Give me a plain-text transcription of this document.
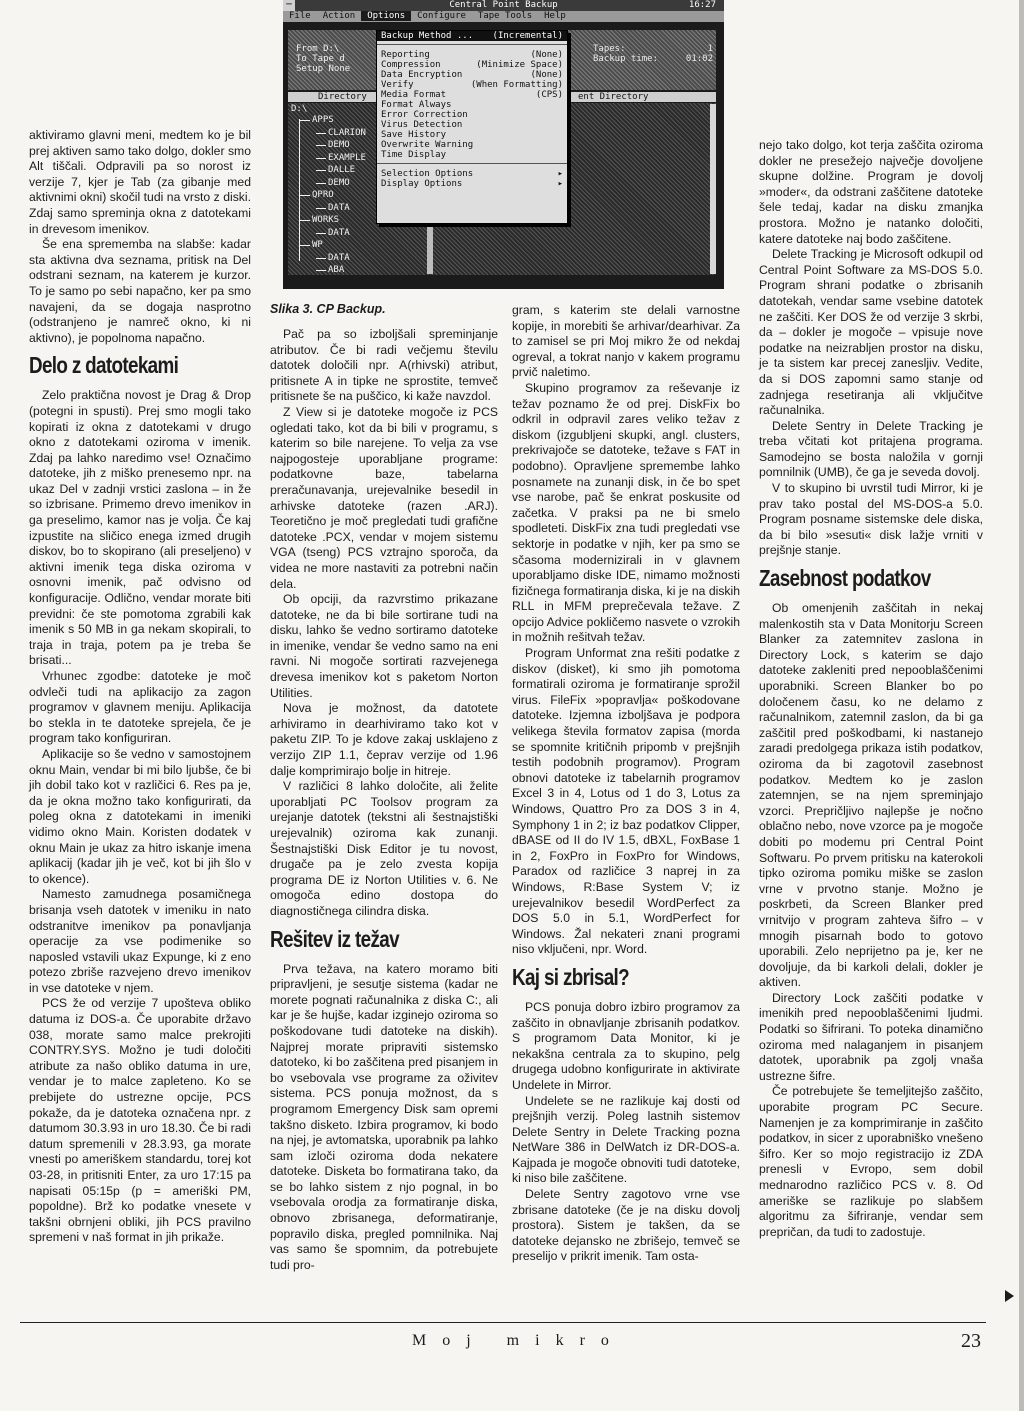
─	Central Point Backup	16:27
File Action Options Configure Tape Tools Help
From D:\
To Tape d
Setup None
Tapes:	1
Backup time:	01:02
Directory	ent Directory
D:\
APPS
CLARION
DEMO
EXAMPLE
DALLE
DEMO
QPRO
DATA
WORKS
DATA
WP
DATA
ABA
Backup Method ... (Incremental)
Reporting	(None)
Compression	(Minimize Space)
Data Encryption	(None)
Verify	(When Formatting)
Media Format	(CPS)
Format Always
Error Correction
Virus Detection
Save History
Overwrite Warning
Time Display
Selection Options	▸
Display Options	▸
Slika 3. CP Backup.

aktiviramo glavni meni, medtem ko je bil prej aktiven samo tako dolgo, dokler smo Alt tiščali. Odpravili pa so norost iz verzije 7, kjer je Tab (za gibanje med aktivnimi okni) skočil tudi na vrsto z diski. Zdaj samo spreminja okna z datotekami in drevesom imenikov.

Še ena sprememba na slabše: kadar sta aktivna dva seznama, pritisk na Del odstrani seznam, na katerem je kurzor. To je samo po sebi napačno, ker pa smo navajeni, da se dogaja nasprotno (odstranjeno je namreč okno, ki ni aktivno), je popolnoma napačno.

Delo z datotekami

Zelo praktična novost je Drag & Drop (potegni in spusti). Prej smo mogli tako kopirati iz okna z datotekami v drugo okno z datotekami oziroma v imenik. Zdaj pa lahko naredimo vse! Označimo datoteke, jih z miško prenesemo npr. na ukaz Del v zadnji vrstici zaslona – in že so izbrisane. Primemo drevo imenikov in ga preselimo, kamor nas je volja. Če kaj izpustite na sličico enega izmed drugih diskov, bo to skopirano (ali preseljeno) v aktivni imenik tega diska oziroma v osnovni imenik, pač odvisno od konfiguracije. Odlično, vendar morate biti previdni: če ste pomotoma zgrabili kak imenik s 50 MB in ga nekam skopirali, to traja in traja, potem pa je treba še brisati...

Vrhunec zgodbe: datoteke je moč odvleči tudi na aplikacijo za zagon programov v glavnem meniju. Aplikacija bo stekla in te datoteke sprejela, če je program tako konfiguriran.

Aplikacije so še vedno v samostojnem oknu Main, vendar bi mi bilo ljubše, če bi jih dobil tako kot v različici 6. Res pa je, da je okna možno tako konfigurirati, da poleg okna z datotekami in imeniki vidimo okno Main. Koristen dodatek v oknu Main je ukaz za hitro iskanje imena aplikacij (kadar jih je več, kot bi jih šlo v to okence).

Namesto zamudnega posamičnega brisanja vseh datotek v imeniku in nato odstranitve imenikov pa ponavljanja operacije za vse podimenike so naposled vstavili ukaz Expunge, ki z eno potezo zbriše razvejeno drevo imenikov in vse datoteke v njem.

PCS že od verzije 7 upošteva obliko datuma iz DOS-a. Če uporabite državo 038, morate samo malce prekrojiti CONTRY.SYS. Možno je tudi določiti atribute za našo obliko datuma in ure, vendar je to malce zapleteno. Ko se prebijete do ustrezne opcije, PCS pokaže, da je datoteka označena npr. z datumom 30.3.93 in uro 18.30. Če bi radi datum spremenili v 28.3.93, ga morate vnesti po ameriškem standardu, torej kot 03-28, in pritisniti Enter, za uro 17:15 pa napisati 05:15p (p = ameriški PM, popoldne). Brž ko podatke vnesete v takšni obrnjeni obliki, jih PCS pravilno spremeni v naš format in jih prikaže.

Pač pa so izboljšali spreminjanje atributov. Če bi radi večjemu številu datotek določili npr. A(rhivski) atribut, pritisnete A in tipke ne sprostite, temveč pritisnete še na puščico, ki kaže navzdol.

Z View si je datoteke mogoče iz PCS ogledati tako, kot da bi bili v programu, s katerim so bile narejene. To velja za vse najpogosteje uporabljane programe: podatkovne baze, tabelarna preračunavanja, urejevalnike besedil in arhivske datoteke (razen .ARJ). Teoretično je moč pregledati tudi grafične datoteke .PCX, vendar v mojem sistemu VGA (tseng) PCS vztrajno sporoča, da videa ne more nastaviti za potrebni način dela.

Ob opciji, da razvrstimo prikazane datoteke, ne da bi bile sortirane tudi na disku, lahko še vedno sortiramo datoteke in imenike, vendar še vedno samo na eni ravni. Ni mogoče sortirati razvejenega drevesa imenikov kot s paketom Norton Utilities.

Nova je možnost, da datotete arhiviramo in dearhiviramo tako kot v paketu ZIP. To je kdove zakaj usklajeno z verzijo ZIP 1.1, čeprav verzije od 1.96 dalje komprimirajo bolje in hitreje.

V različici 8 lahko določite, ali želite uporabljati PC Toolsov program za urejanje datotek (tekstni ali šestnajstiški urejevalnik) oziroma kak zunanji. Šestnajstiški Disk Editor je tu novost, drugače pa je zelo zvesta kopija programa DE iz Norton Utilities v. 6. Ne omogoča edino dostopa do diagnostičnega cilindra diska.

Rešitev iz težav

Prva težava, na katero moramo biti pripravljeni, je sesutje sistema (kadar ne morete pognati računalnika z diska C:, ali kar je še hujše, kadar izginejo oziroma so poškodovane tudi datoteke na diskih). Najprej morate pripraviti sistemsko datoteko, ki bo zaščitena pred pisanjem in bo vsebovala vse programe za oživitev sistema. PCS ponuja možnost, da s programom Emergency Disk sam opremi takšno disketo. Izbira programov, ki bodo na njej, je avtomatska, uporabnik pa lahko sam izloči oziroma doda nekatere datoteke. Disketa bo formatirana tako, da se bo lahko sistem z njo pognal, in bo vsebovala orodja za formatiranje diska, obnovo zbrisanega, deformatiranje, popravilo diska, pregled pomnilnika. Naj vas samo še spomnim, da potrebujete tudi pro-

gram, s katerim ste delali varnostne kopije, in morebiti še arhivar/dearhivar. Za to zamisel se pri Moj mikro že od nekdaj ogreval, a tokrat nanjo v kakem programu prvič naletimo.

Skupino programov za reševanje iz težav poznamo že od prej. DiskFix bo odkril in odpravil zares veliko težav z diskom (izgubljeni skupki, angl. clusters, prekrivajoče se datoteke, težave s FAT in podobno). Opravljene spremembe lahko posnamete na zunanji disk, in če bo spet vse narobe, pač še enkrat poskusite od začetka. V praksi pa ne bi smelo spodleteti. DiskFix zna tudi pregledati vse sektorje in podatke v njih, ker pa smo se sčasoma modernizirali in v glavnem uporabljamo diske IDE, nimamo možnosti fizičnega formatiranja diska, ki je na diskih RLL in MFM preprečevala težave. Z opcijo Advice pokličemo nasvete o vzrokih in možnih rešitvah težav.

Program Unformat zna rešiti podatke z diskov (disket), ki smo jih pomotoma formatirali oziroma je formatiranje sprožil virus. FileFix »popravlja« poškodovane datoteke. Izjemna izboljšava je podpora velikega števila formatov zapisa (morda se spomnite kritičnih pripomb v prejšnjih testih podobnih programov). Program obnovi datoteke iz tabelarnih programov Excel 3 in 4, Lotus od 1 do 3, Lotus za Windows, Quattro Pro za DOS 3 in 4, Symphony 1 in 2; iz baz podatkov Clipper, dBASE od II do IV 1.5, dBXL, FoxBase 1 in 2, FoxPro in FoxPro for Windows, Paradox od različice 3 naprej in za Windows, R:Base System V; iz urejevalnikov besedil WordPerfect za DOS 5.0 in 5.1, WordPerfect for Windows. Žal nekateri znani programi niso vključeni, npr. Word.

Kaj si zbrisal?

PCS ponuja dobro izbiro programov za zaščito in obnavljanje zbrisanih podatkov. S programom Data Monitor, ki je nekakšna centrala za to skupino, pelg drugega udobno konfigurirate in aktivirate Undelete in Mirror.

Undelete se ne razlikuje kaj dosti od prejšnjih verzij. Poleg lastnih sistemov Delete Sentry in Delete Tracking pozna NetWare 386 in DelWatch iz DR-DOS-a. Kajpada je mogoče obnoviti tudi datoteke, ki niso bile zaščitene.

Delete Sentry zagotovo vrne vse zbrisane datoteke (če je na disku dovolj prostora). Sistem je takšen, da se datoteke dejansko ne zbrišejo, temveč se preselijo v prikrit imenik. Tam osta-

nejo tako dolgo, kot terja zaščita oziroma dokler ne presežejo največje dovoljene skupne dolžine. Program je dovolj »moder«, da odstrani zaščitene datoteke šele tedaj, kadar na disku zmanjka prostora. Možno je natanko določiti, katere datoteke naj bodo zaščitene.

Delete Tracking je Microsoft odkupil od Central Point Software za MS-DOS 5.0. Program shrani podatke o zbrisanih datotekah, vendar same vsebine datotek ne zaščiti. Ker DOS že od verzije 3 skrbi, da – dokler je mogoče – vpisuje nove podatke na neizrabljen prostor na disku, je ta sistem kar precej zanesljiv. Vedite, da si DOS zapomni samo stanje od zadnjega resetiranja ali vključitve računalnika.

Delete Sentry in Delete Tracking je treba včitati kot pritajena programa. Samodejno se bosta naložila v gornji pomnilnik (UMB), če ga je seveda dovolj.

V to skupino bi uvrstil tudi Mirror, ki je prav tako postal del MS-DOS-a 5.0. Program posname sistemske dele diska, da bi bilo »sesuti« disk lažje vrniti v prejšnje stanje.

Zasebnost podatkov

Ob omenjenih zaščitah in nekaj malenkostih sta v Data Monitorju Screen Blanker za zatemnitev zaslona in Directory Lock, s katerim se dajo datoteke zakleniti pred nepooblaščenimi uporabniki. Screen Blanker bo po določenem času, ko ne delamo z računalnikom, zatemnil zaslon, da bi ga zaščitil pred poškodbami, ki nastanejo zaradi predolgega prikaza istih podatkov, oziroma da bi zagotovil zasebnost podatkov. Medtem ko je zaslon zatemnjen, se na njem spreminjajo vzorci. Prepričljivo najlepše je nočno oblačno nebo, nove vzorce pa je mogoče dobiti po modemu pri Central Point Softwaru. Po prvem pritisku na katerokoli tipko oziroma pomiku miške se zaslon vrne v prvotno stanje. Možno je poskrbeti, da Screen Blanker pred vrnitvijo v program zahteva šifro – v mnogih pisarnah bodo to gotovo uporabili. Zelo neprijetno pa je, ker ne dovoljuje, da bi karkoli delali, dokler je aktiven.

Directory Lock zaščiti podatke v imenikih pred nepooblaščenimi ljudmi. Podatki so šifrirani. To poteka dinamično oziroma med nalaganjem in pisanjem datotek, uporabnik pa zgolj vnaša ustrezne šifre.

Če potrebujete še temeljitejšo zaščito, uporabite program PC Secure. Namenjen je za komprimiranje in zaščito podatkov, in sicer z uporabniško vnešeno šifro. Ker so mojo registracijo iz ZDA prenesli v Evropo, sem dobil mednarodno različico PCS v. 8. Od ameriške se razlikuje po slabšem algoritmu za šifriranje, vendar sem prepričan, da tudi to zadostuje.

Moj mikro	23
